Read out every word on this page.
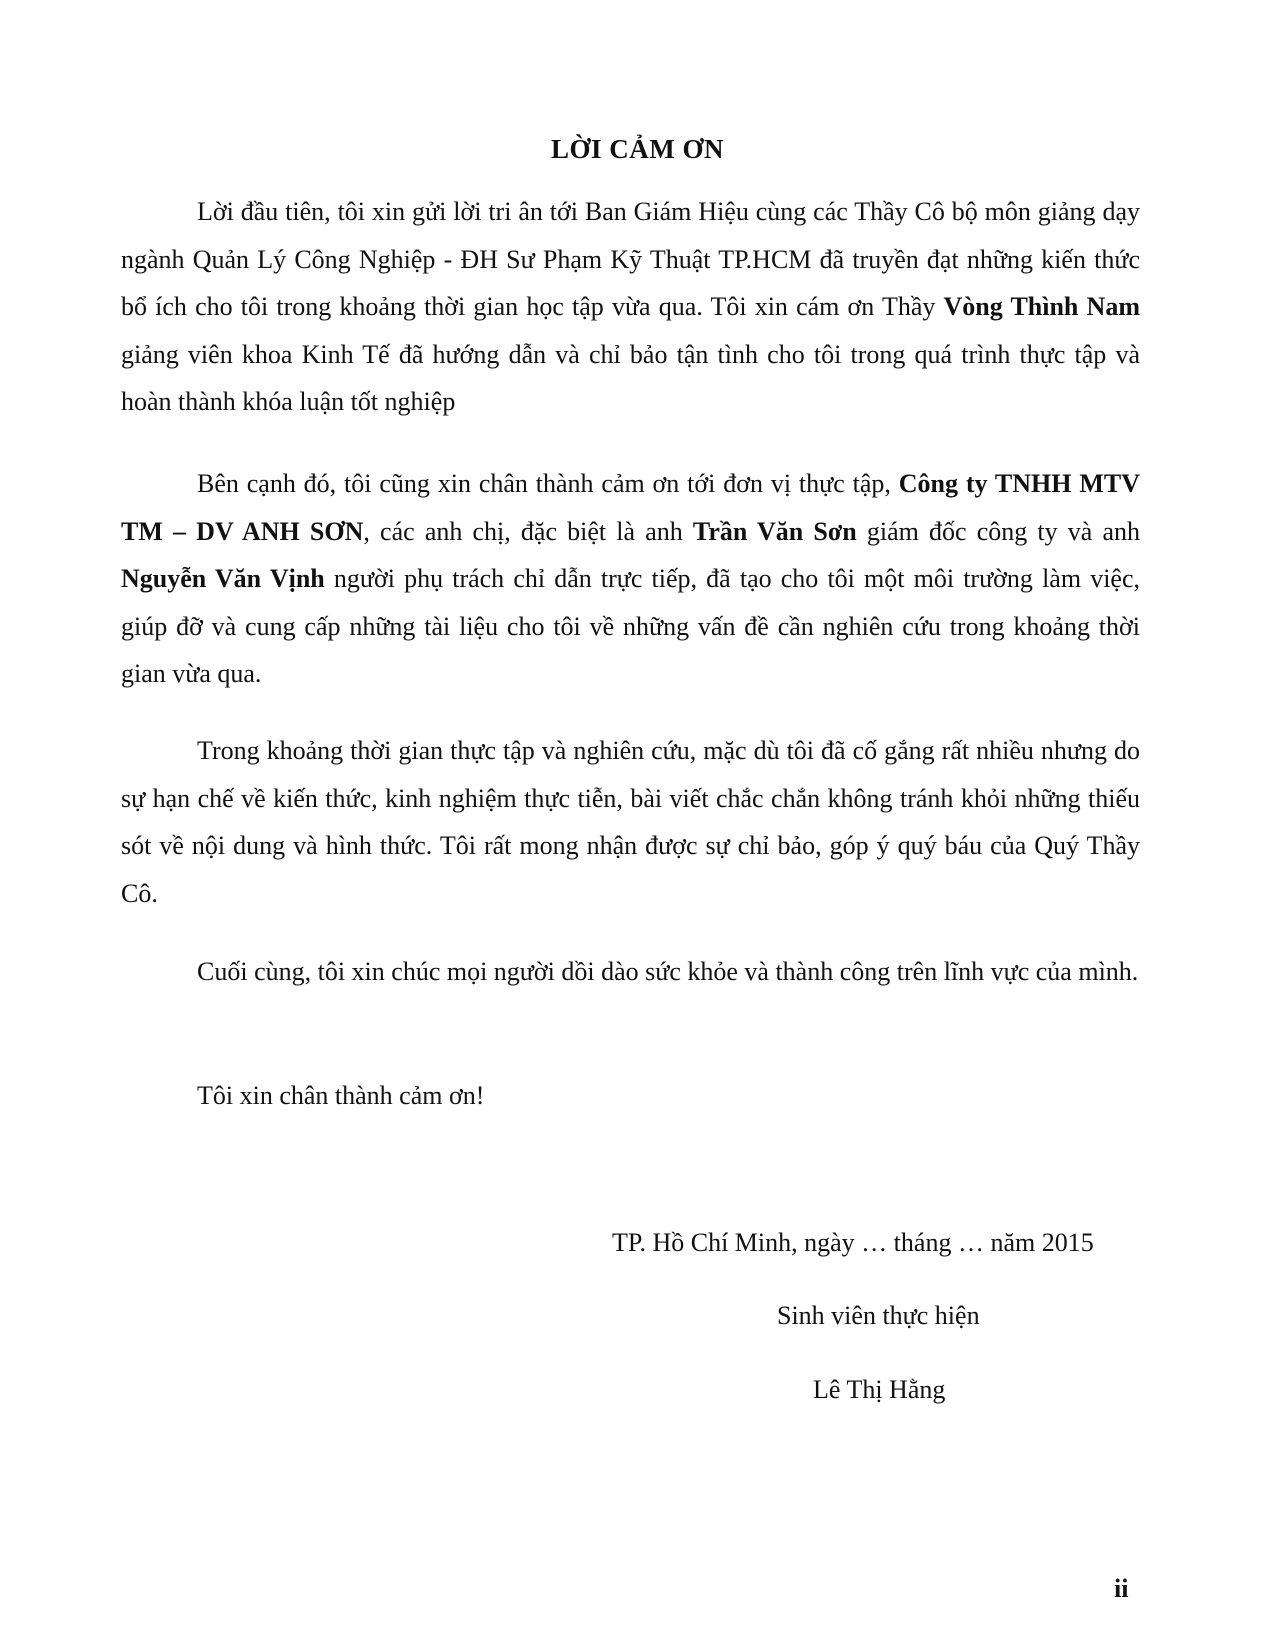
LỜI CẢM ƠN

Lời đầu tiên, tôi xin gửi lời tri ân tới Ban Giám Hiệu cùng các Thầy Cô bộ môn giảng dạy ngành Quản Lý Công Nghiệp - ĐH Sư Phạm Kỹ Thuật TP.HCM đã truyền đạt những kiến thức bổ ích cho tôi trong khoảng thời gian học tập vừa qua. Tôi xin cám ơn Thầy Vòng Thình Nam giảng viên khoa Kinh Tế đã hướng dẫn và chỉ bảo tận tình cho tôi trong quá trình thực tập và hoàn thành khóa luận tốt nghiệp

Bên cạnh đó, tôi cũng xin chân thành cảm ơn tới đơn vị thực tập, Công ty TNHH MTV TM – DV ANH SƠN, các anh chị, đặc biệt là anh Trần Văn Sơn giám đốc công ty và anh Nguyễn Văn Vịnh người phụ trách chỉ dẫn trực tiếp, đã tạo cho tôi một môi trường làm việc, giúp đỡ và cung cấp những tài liệu cho tôi về những vấn đề cần nghiên cứu trong khoảng thời gian vừa qua.

Trong khoảng thời gian thực tập và nghiên cứu, mặc dù tôi đã cố gắng rất nhiều nhưng do sự hạn chế về kiến thức, kinh nghiệm thực tiễn, bài viết chắc chắn không tránh khỏi những thiếu sót về nội dung và hình thức. Tôi rất mong nhận được sự chỉ bảo, góp ý quý báu của Quý Thầy Cô.

Cuối cùng, tôi xin chúc mọi người dồi dào sức khỏe và thành công trên lĩnh vực của mình.

Tôi xin chân thành cảm ơn!

TP. Hồ Chí Minh, ngày … tháng … năm 2015
Sinh viên thực hiện
Lê Thị Hằng
ii
